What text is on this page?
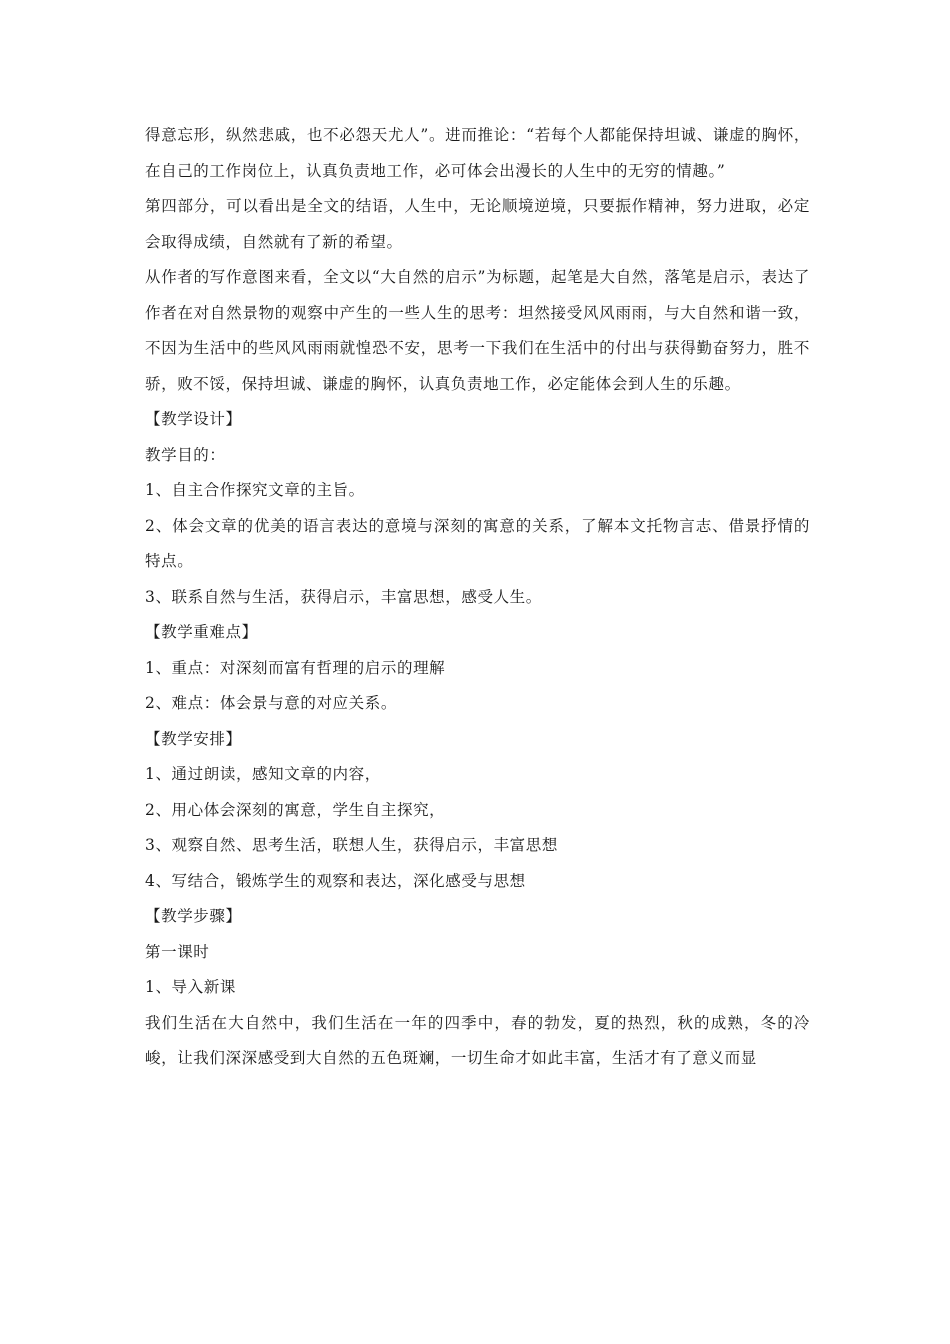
得意忘形，纵然悲戚，也不必怨天尤人”。进而推论：“若每个人都能保持坦诚、谦虚的胸怀，在自己的工作岗位上，认真负责地工作，必可体会出漫长的人生中的无穷的情趣。”

第四部分，可以看出是全文的结语，人生中，无论顺境逆境，只要振作精神，努力进取，必定会取得成绩，自然就有了新的希望。

从作者的写作意图来看，全文以“大自然的启示”为标题，起笔是大自然，落笔是启示，表达了作者在对自然景物的观察中产生的一些人生的思考：坦然接受风风雨雨，与大自然和谐一致，不因为生活中的些风风雨雨就惶恐不安，思考一下我们在生活中的付出与获得勤奋努力，胜不骄，败不馁，保持坦诚、谦虚的胸怀，认真负责地工作，必定能体会到人生的乐趣。

【教学设计】

教学目的：

1、自主合作探究文章的主旨。

2、体会文章的优美的语言表达的意境与深刻的寓意的关系，了解本文托物言志、借景抒情的特点。

3、联系自然与生活，获得启示，丰富思想，感受人生。

【教学重难点】

1、重点：对深刻而富有哲理的启示的理解

2、难点：体会景与意的对应关系。

【教学安排】

1、通过朗读，感知文章的内容，

2、用心体会深刻的寓意，学生自主探究，

3、观察自然、思考生活，联想人生，获得启示，丰富思想

4、写结合，锻炼学生的观察和表达，深化感受与思想

【教学步骤】

第一课时

1、导入新课

我们生活在大自然中，我们生活在一年的四季中，春的勃发，夏的热烈，秋的成熟，冬的冷峻，让我们深深感受到大自然的五色斑斓，一切生命才如此丰富，生活才有了意义而显
